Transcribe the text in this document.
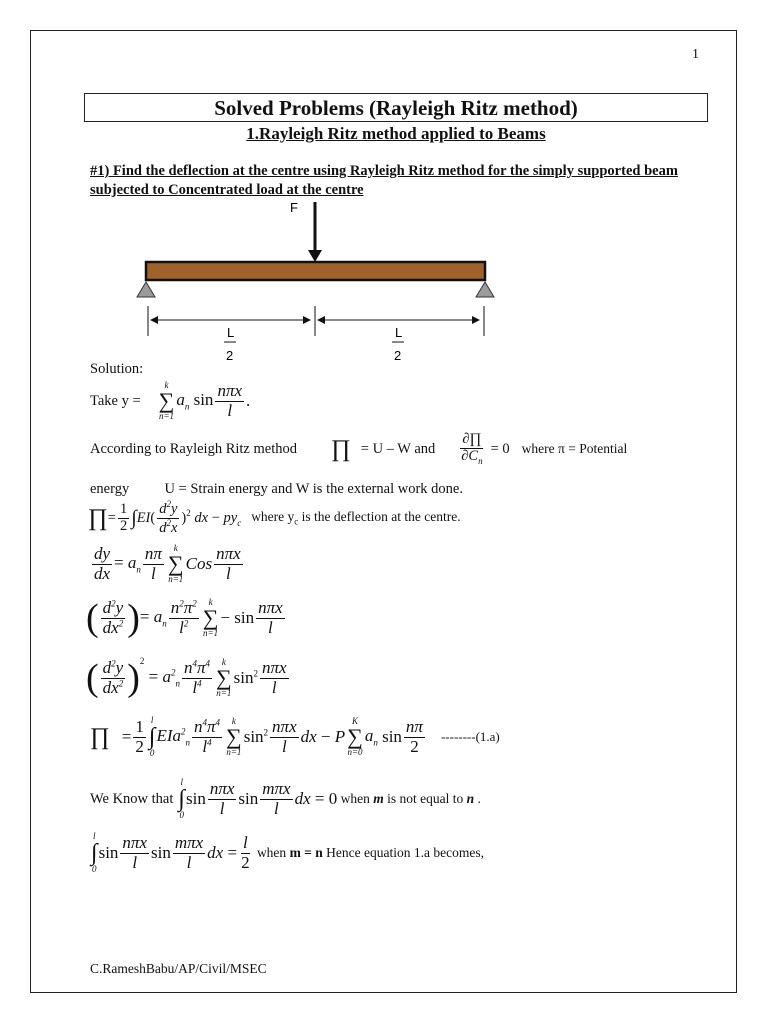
1
Solved Problems (Rayleigh Ritz method)
1.Rayleigh Ritz method applied to Beams
#1) Find the deflection at the centre using Rayleigh Ritz method for the simply supported beam subjected to Concentrated load at the centre
F
L
2
L
2
Solution:
Take y =
k
∑
n=1
$a_n$ $\sin \frac{\text{nπx}}{l}$ .
According to Rayleigh Ritz method ∏ = U – W and $\frac{\partial\prod}{\partial C_n} = 0$ where π = Potential
energy U = Strain energy and W is the external work done.
∏ = $\frac{1}{2}$ ∫ EI ( $\frac{d^2y}{d^2x} )^2$ dx − $py_c$ where $y_c$ is the deflection at the centre.
$\frac{dy}{dx} = a_n \frac{n\pi}{l}$ k
∑
n=1
Cos $\frac{\text{nπx}}{l}$
( $\frac{d^2y}{dx^2}$ ) = $a_n \frac{n^2\pi^2}{l^2}$ k
∑
n=1
− $\sin \frac{\text{nπx}}{l}$
( $\frac{d^2y}{dx^2} )^2$
= $a^2_n \frac{n^4\pi^4}{l^4}$ k
∑
n=1
$\sin^2 \frac{\text{nπx}}{l}$
∏ = $\frac{1}{2}$ l
∫
0
$EIa^2_n \frac{n^4\pi^4}{l^4}$ k
∑
n=1
$\sin^2 \frac{\text{nπx}}{l}$ dx − P
K
∑
n=0
$a_n$ $\sin \frac{n\pi}{2} --------(1.a)$
We Know that
l
∫
0
$\sin \frac{\text{nπx}}{l}$ $\sin \frac{\text{mπx}}{l}$ dx = 0 when m is not equal to n .
l
∫
0
$\sin \frac{\text{nπx}}{l}$ $\sin \frac{\text{mπx}}{l}$ dx = $\frac{l}{2}$ when m = n Hence equation 1.a becomes,
C.RameshBabu/AP/Civil/MSEC
